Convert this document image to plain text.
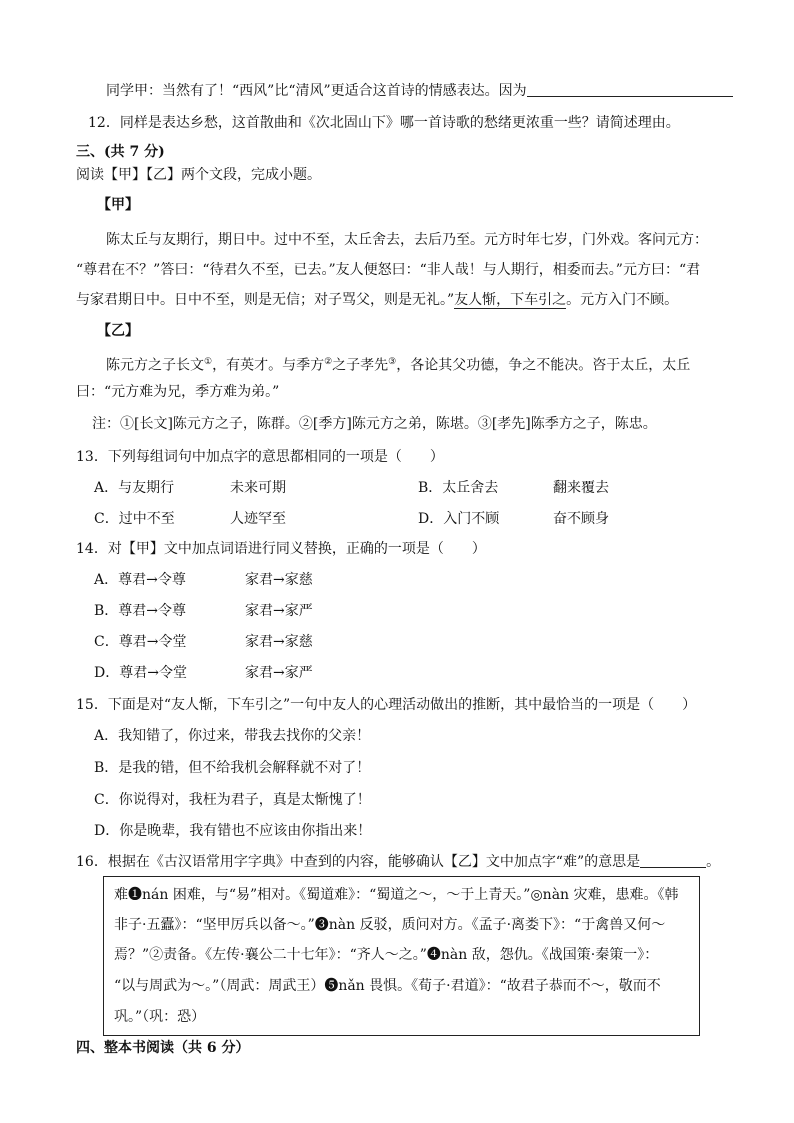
同学甲：当然有了！“西风”比“清风”更适合这首诗的情感表达。因为
12．同样是表达乡愁，这首散曲和《次北固山下》哪一首诗歌的愁绪更浓重一些？请简述理由。
三、(共 7 分)
阅读【甲】【乙】两个文段，完成小题。
【甲】
陈太丘与友期行，期日中。过中不至，太丘舍去，去后乃至。元方时年七岁，门外戏。客问元方：
“尊君在不？”答曰：“待君久不至，已去。”友人便怒曰：“非人哉！与人期行，相委而去。”元方曰：“君
与家君期日中。日中不至，则是无信；对子骂父，则是无礼。”友人惭，下车引之。元方入门不顾。
【乙】
陈元方之子长文①，有英才。与季方②之子孝先③，各论其父功德，争之不能决。咨于太丘，太丘
曰：“元方难为兄，季方难为弟。”
注：①[长文]陈元方之子，陈群。②[季方]陈元方之弟，陈堪。③[孝先]陈季方之子，陈忠。
13．下列每组词句中加点字的意思都相同的一项是（　　）
A．与友期行	未来可期	B．太丘舍去	翻来覆去
C．过中不至	人迹罕至	D．入门不顾	奋不顾身
14．对【甲】文中加点词语进行同义替换，正确的一项是（　　）
A．尊君→令尊	家君→家慈
B．尊君→令尊	家君→家严
C．尊君→令堂	家君→家慈
D．尊君→令堂	家君→家严
15．下面是对“友人惭，下车引之”一句中友人的心理活动做出的推断，其中最恰当的一项是（　　）
A．我知错了，你过来，带我去找你的父亲！
B．是我的错，但不给我机会解释就不对了！
C．你说得对，我枉为君子，真是太惭愧了！
D．你是晚辈，我有错也不应该由你指出来！
16．根据在《古汉语常用字字典》中查到的内容，能够确认【乙】文中加点字“难”的意思是	。
难❶nán 困难，与“易”相对。《蜀道难》：“蜀道之～，～于上青天。”◎nàn 灾难，患难。《韩
非子·五蠹》：“坚甲厉兵以备～。”❸nàn 反驳，质问对方。《孟子·离娄下》：“于禽兽又何～
焉？”②责备。《左传·襄公二十七年》：“齐人～之。”❹nàn 敌，怨仇。《战国策·秦策一》：
“以与周武为～。”（周武：周武王）❺nǎn 畏惧。《荀子·君道》：“故君子恭而不～，敬而不
巩。”（巩：恐）
四、整本书阅读（共 6 分）
